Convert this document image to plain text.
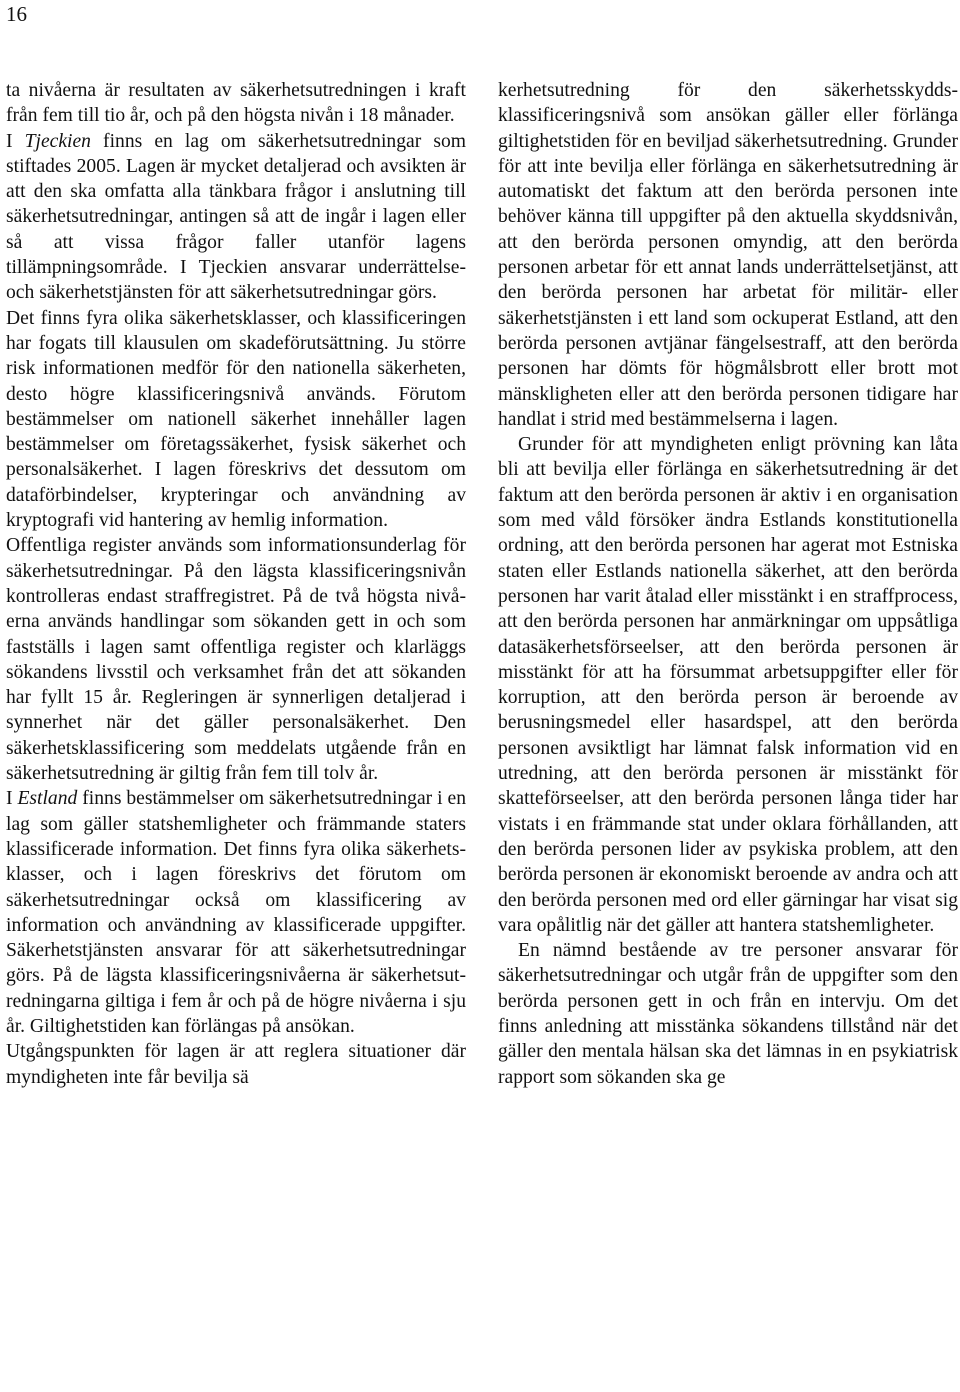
16

ta nivåerna är resultaten av säkerhetsutredningen i kraft från fem till tio år, och på den högsta nivån i 18 månader.

I Tjeckien finns en lag om säkerhetsutredningar som stiftades 2005. Lagen är mycket detaljerad och avsikten är att den ska omfatta alla tänkbara frågor i anslutning till säkerhetsutredningar, antingen så att de ingår i lagen eller så att vissa frågor faller utanför lagens tillämpningsområde. I Tjeckien ansvarar underrättelse- och säkerhetstjänsten för att säkerhetsutredningar görs.

Det finns fyra olika säkerhetsklasser, och klassificeringen har fogats till klausulen om skadeförutsättning. Ju större risk informationen medför för den nationella säkerheten, desto högre klassificeringsnivå används. Förutom bestämmelser om nationell säkerhet innehåller lagen bestämmelser om företagssäkerhet, fysisk säkerhet och personalsäkerhet. I lagen föreskrivs det dessutom om dataförbindelser, krypteringar och användning av kryptografi vid hantering av hemlig information.

Offentliga register används som informationsunderlag för säkerhetsutredningar. På den lägsta klassificeringsnivån kontrolleras endast straffregistret. På de två högsta nivåerna används handlingar som sökanden gett in och som fastställs i lagen samt offentliga register och klarläggs sökandens livsstil och verksamhet från det att sökanden har fyllt 15 år. Regleringen är synnerligen detaljerad i synnerhet när det gäller personalsäkerhet. Den säkerhetsklassificering som meddelats utgående från en säkerhetsutredning är giltig från fem till tolv år.

I Estland finns bestämmelser om säkerhetsutredningar i en lag som gäller statshemligheter och främmande staters klassificerade information. Det finns fyra olika säkerhetsklasser, och i lagen föreskrivs det förutom om säkerhetsutredningar också om klassificering av information och användning av klassificerade uppgifter. Säkerhetstjänsten ansvarar för att säkerhetsutredningar görs. På de lägsta klassificeringsnivåerna är säkerhetsutredningarna giltiga i fem år och på de högre nivåerna i sju år. Giltighetstiden kan förlängas på ansökan.

Utgångspunkten för lagen är att reglera situationer där myndigheten inte får bevilja sä

kerhetsutredning för den säkerhetsskyddsklassificeringsnivå som ansökan gäller eller förlänga giltighetstiden för en beviljad säkerhetsutredning. Grunder för att inte bevilja eller förlänga en säkerhetsutredning är automatiskt det faktum att den berörda personen inte behöver känna till uppgifter på den aktuella skyddsnivån, att den berörda personen omyndig, att den berörda personen arbetar för ett annat lands underrättelsetjänst, att den berörda personen har arbetat för militär- eller säkerhetstjänsten i ett land som ockuperat Estland, att den berörda personen avtjänar fängelsestraff, att den berörda personen har dömts för högmålsbrott eller brott mot mänskligheten eller att den berörda personen tidigare har handlat i strid med bestämmelserna i lagen.

Grunder för att myndigheten enligt prövning kan låta bli att bevilja eller förlänga en säkerhetsutredning är det faktum att den berörda personen är aktiv i en organisation som med våld försöker ändra Estlands konstitutionella ordning, att den berörda personen har agerat mot Estniska staten eller Estlands nationella säkerhet, att den berörda personen har varit åtalad eller misstänkt i en straffprocess, att den berörda personen har anmärkningar om uppsåtliga datasäkerhetsförseelser, att den berörda personen är misstänkt för att ha försummat arbetsuppgifter eller för korruption, att den berörda person är beroende av berusningsmedel eller hasardspel, att den berörda personen avsiktligt har lämnat falsk information vid en utredning, att den berörda personen är misstänkt för skatteförseelser, att den berörda personen långa tider har vistats i en främmande stat under oklara förhållanden, att den berörda personen lider av psykiska problem, att den berörda personen är ekonomiskt beroende av andra och att den berörda personen med ord eller gärningar har visat sig vara opålitlig när det gäller att hantera statshemligheter.

En nämnd bestående av tre personer ansvarar för säkerhetsutredningar och utgår från de uppgifter som den berörda personen gett in och från en intervju. Om det finns anledning att misstänka sökandens tillstånd när det gäller den mentala hälsan ska det lämnas in en psykiatrisk rapport som sökanden ska ge
